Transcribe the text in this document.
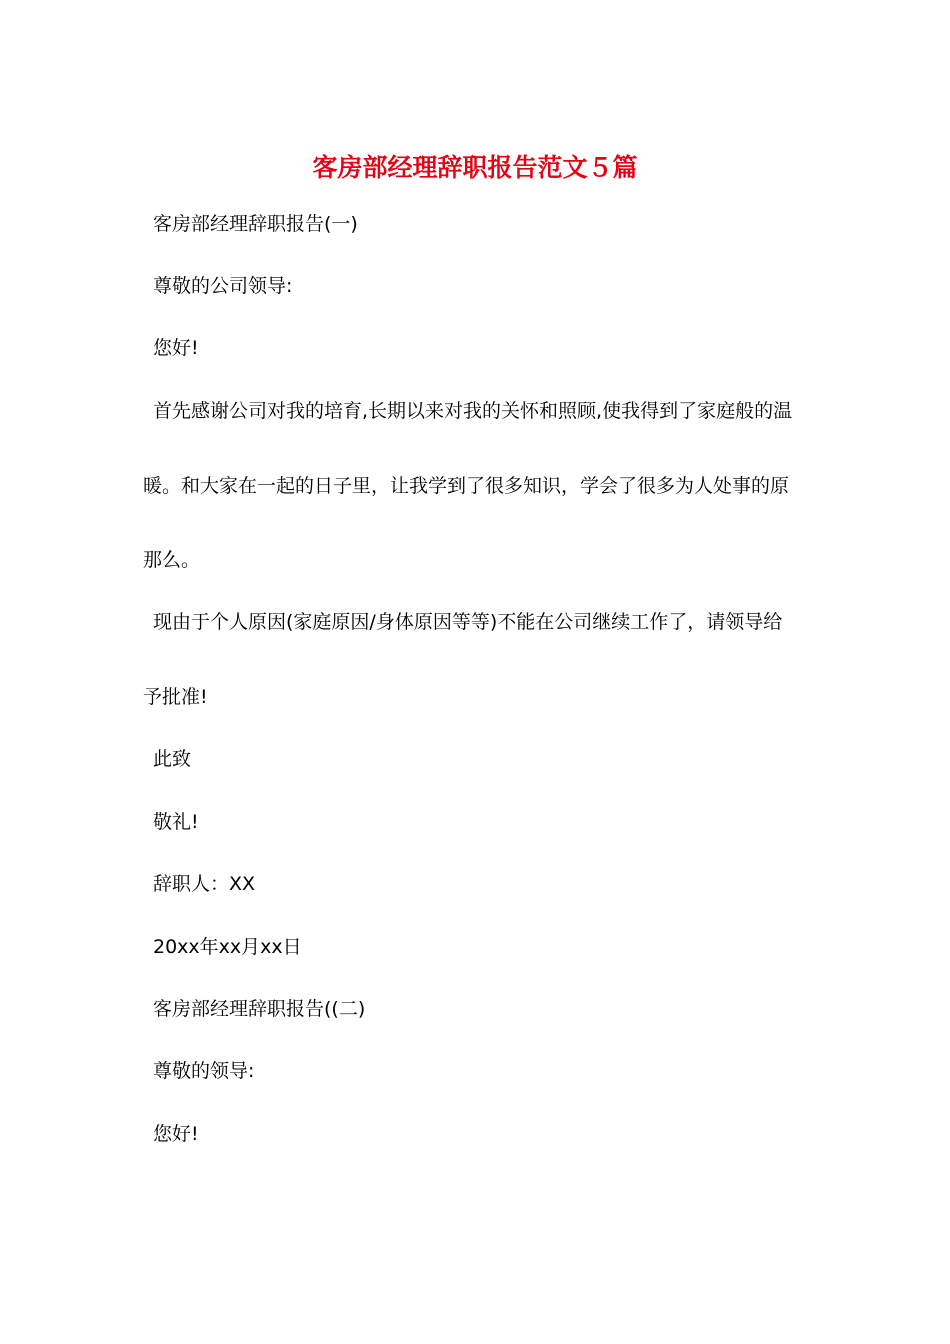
客房部经理辞职报告范文５篇

客房部经理辞职报告(一)

尊敬的公司领导:

您好!

首先感谢公司对我的培育,长期以来对我的关怀和照顾,使我得到了家庭般的温

暖。和大家在一起的日子里，让我学到了很多知识，学会了很多为人处事的原

那么。

现由于个人原因(家庭原因/身体原因等等)不能在公司继续工作了，请领导给

予批准!

此致

敬礼!

辞职人：XX

20xx年xx月xx日

客房部经理辞职报告((二)

尊敬的领导:

您好!
